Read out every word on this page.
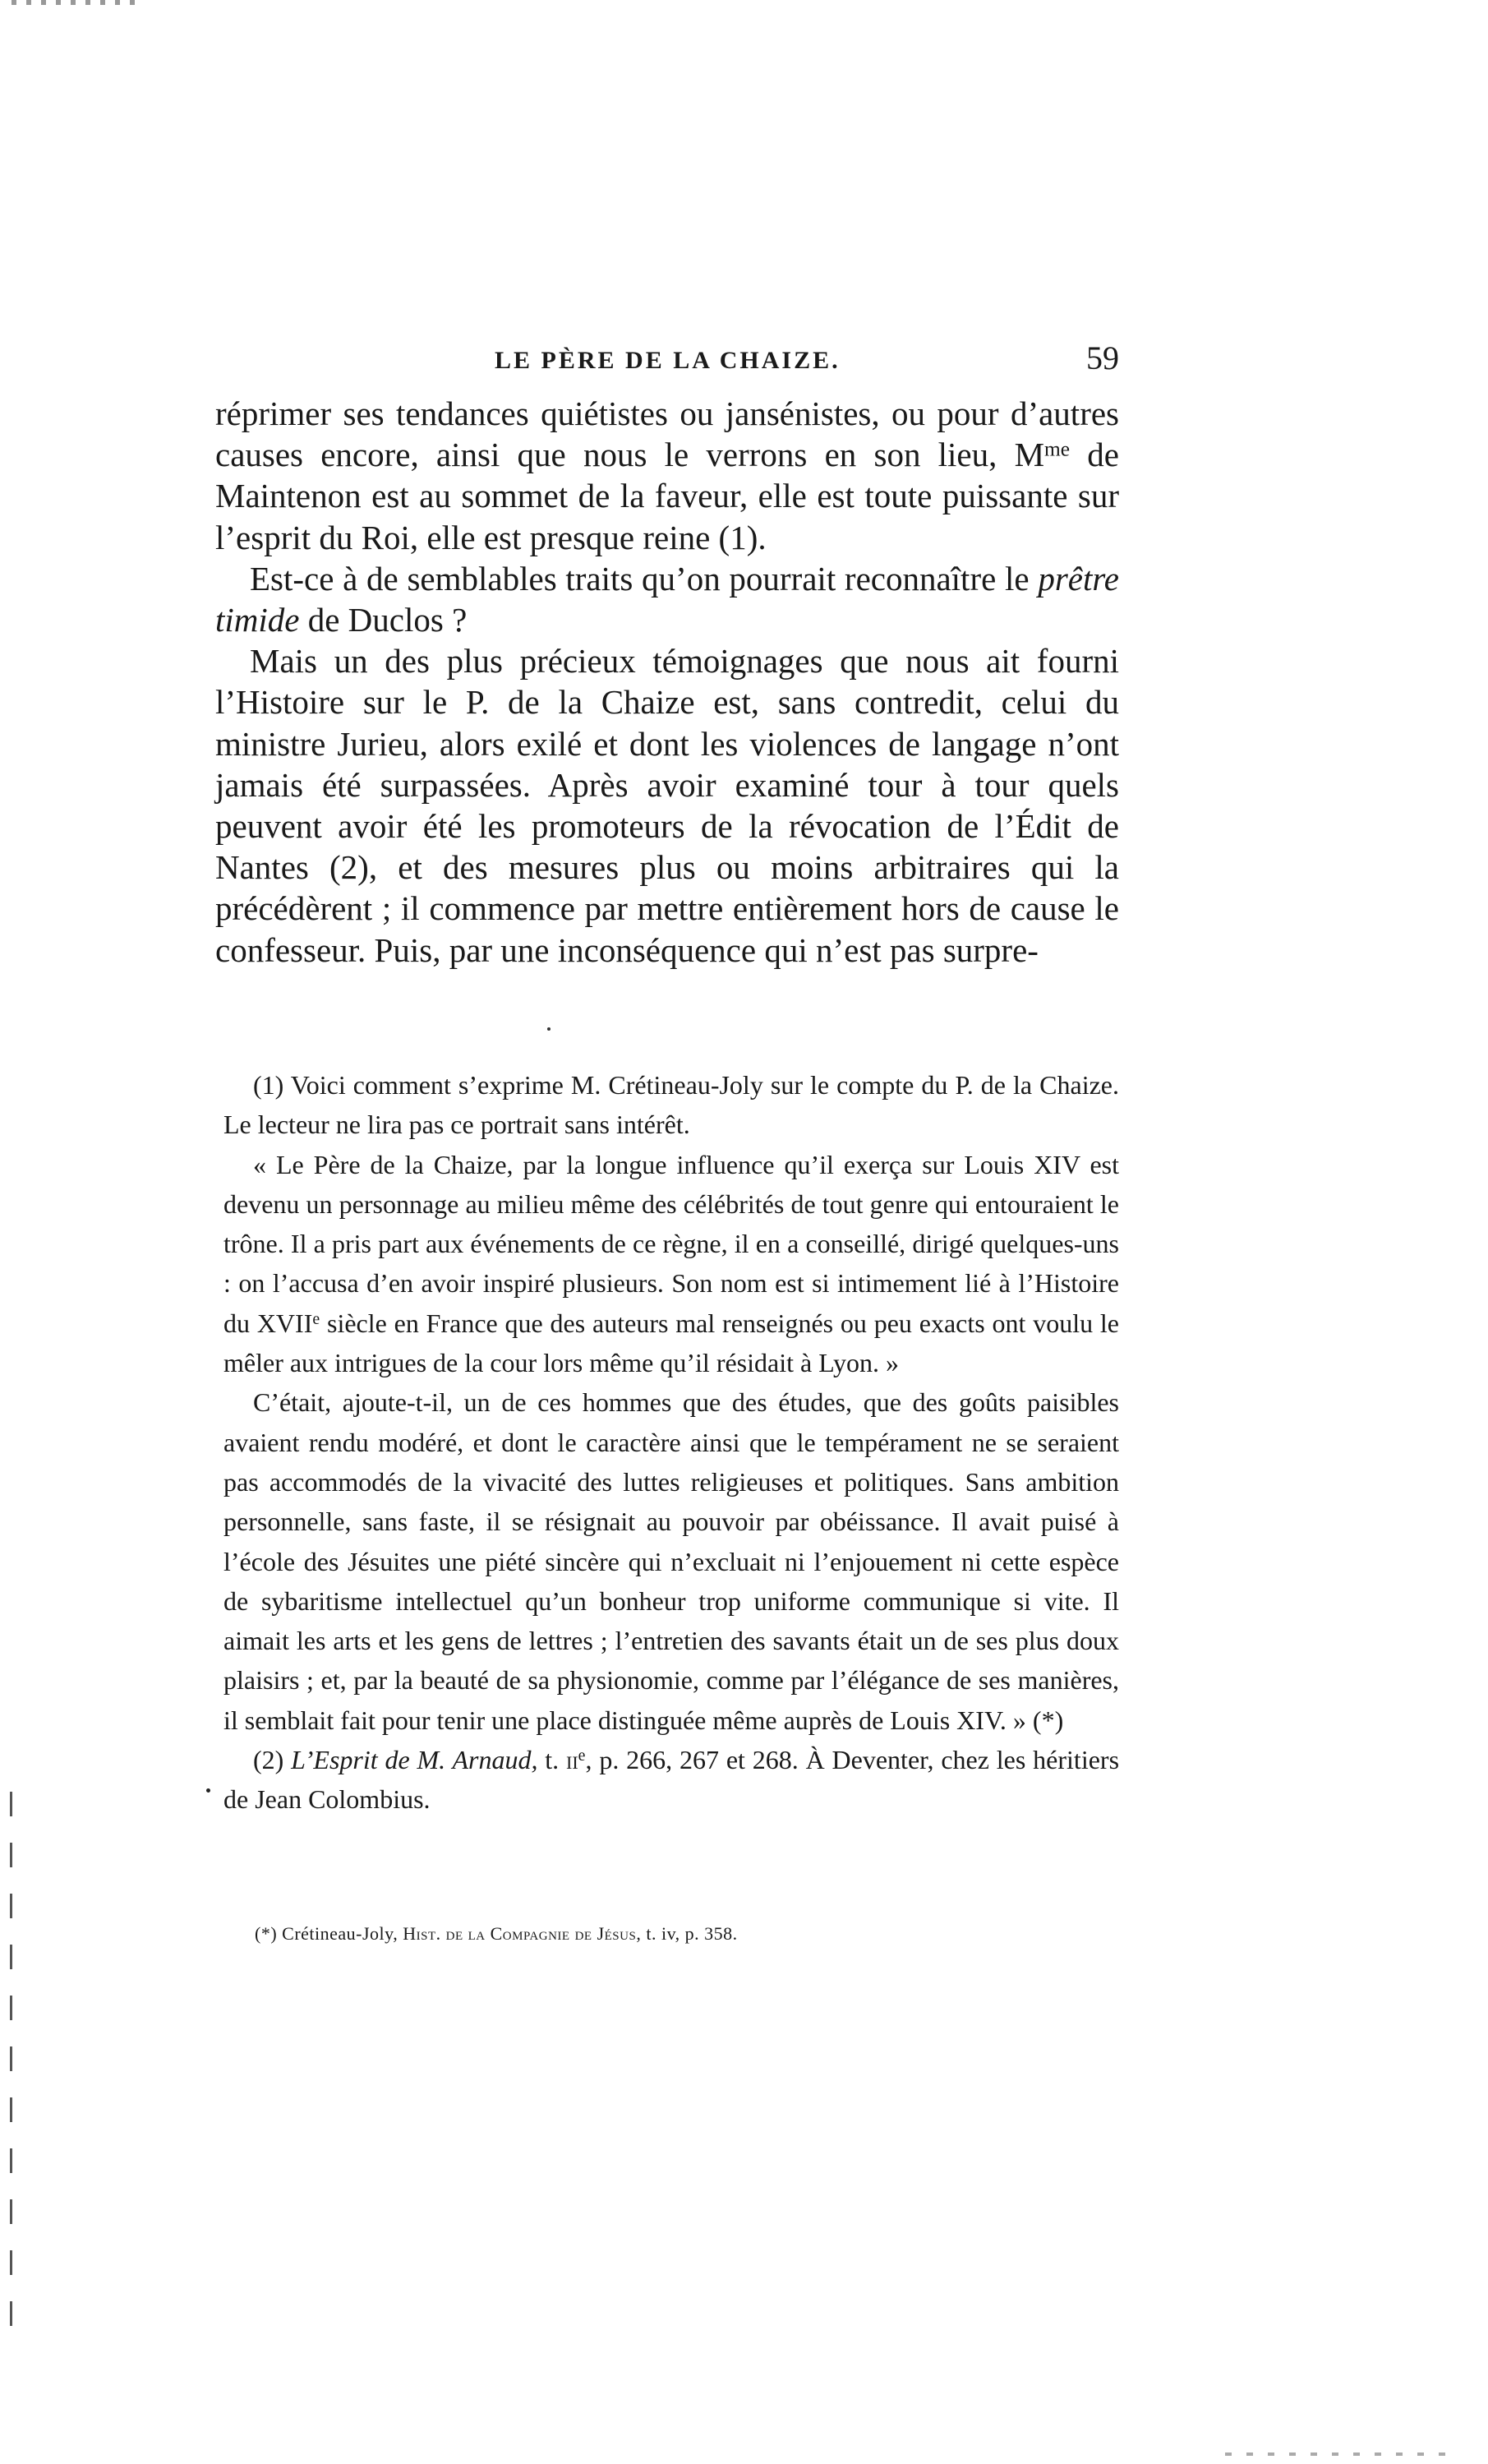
LE PÈRE DE LA CHAIZE.	59

réprimer ses tendances quiétistes ou jansénistes, ou pour d’autres causes encore, ainsi que nous le verrons en son lieu, $M^{me}$ de Maintenon est au sommet de la faveur, elle est toute puissante sur l’esprit du Roi, elle est presque reine (1).

Est-ce à de semblables traits qu’on pourrait reconnaître le prêtre timide de Duclos ?

Mais un des plus précieux témoignages que nous ait fourni l’Histoire sur le P. de la Chaize est, sans contredit, celui du ministre Jurieu, alors exilé et dont les violences de langage n’ont jamais été surpassées. Après avoir examiné tour à tour quels peuvent avoir été les promoteurs de la révocation de l’Édit de Nantes (2), et des mesures plus ou moins arbitraires qui la précédèrent ; il commence par mettre entièrement hors de cause le confesseur. Puis, par une inconséquence qui n’est pas surpre-

(1) Voici comment s’exprime M. Crétineau-Joly sur le compte du P. de la Chaize. Le lecteur ne lira pas ce portrait sans intérêt.

« Le Père de la Chaize, par la longue influence qu’il exerça sur Louis XIV est devenu un personnage au milieu même des célébrités de tout genre qui entouraient le trône. Il a pris part aux événements de ce règne, il en a conseillé, dirigé quelques-uns : on l’accusa d’en avoir inspiré plusieurs. Son nom est si intimement lié à l’Histoire du XVIIe siècle en France que des auteurs mal renseignés ou peu exacts ont voulu le mêler aux intrigues de la cour lors même qu’il résidait à Lyon. »

C’était, ajoute-t-il, un de ces hommes que des études, que des goûts paisibles avaient rendu modéré, et dont le caractère ainsi que le tempérament ne se seraient pas accommodés de la vivacité des luttes religieuses et politiques. Sans ambition personnelle, sans faste, il se résignait au pouvoir par obéissance. Il avait puisé à l’école des Jésuites une piété sincère qui n’excluait ni l’enjouement ni cette espèce de sybaritisme intellectuel qu’un bonheur trop uniforme communique si vite. Il aimait les arts et les gens de lettres ; l’entretien des savants était un de ses plus doux plaisirs ; et, par la beauté de sa physionomie, comme par l’élégance de ses manières, il semblait fait pour tenir une place distinguée même auprès de Louis XIV. » (*)

(2) L’Esprit de M. Arnaud, t. $ii^e$, p. 266, 267 et 268. À Deventer, chez les héritiers de Jean Colombius.

(*) Crétineau-Joly, Hist. de la Compagnie de Jésus, t. iv, p. 358.
